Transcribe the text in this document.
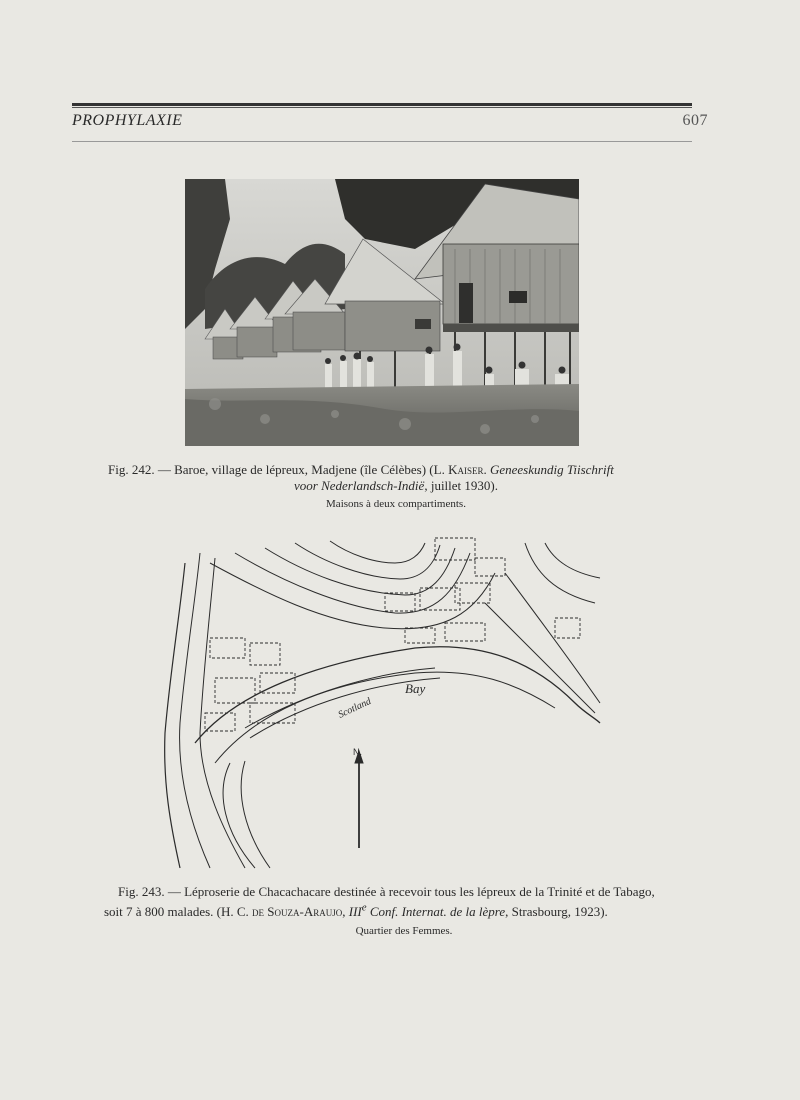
PROPHYLAXIE	607
Fig. 242. — Baroe, village de lépreux, Madjene (île Célèbes) (L. Kaiser. Geneeskundig Tiischrift
voor Nederlandsch-Indië, juillet 1930).
Maisons à deux compartiments.
Bay
Scotland
N.
Fig. 243. — Léproserie de Chacachacare destinée à recevoir tous les lépreux de la Trinité et de Tabago,
soit 7 à 800 malades. (H. C. de Souza-Araujo, IIIe Conf. Internat. de la lèpre, Strasbourg, 1923).
Quartier des Femmes.
